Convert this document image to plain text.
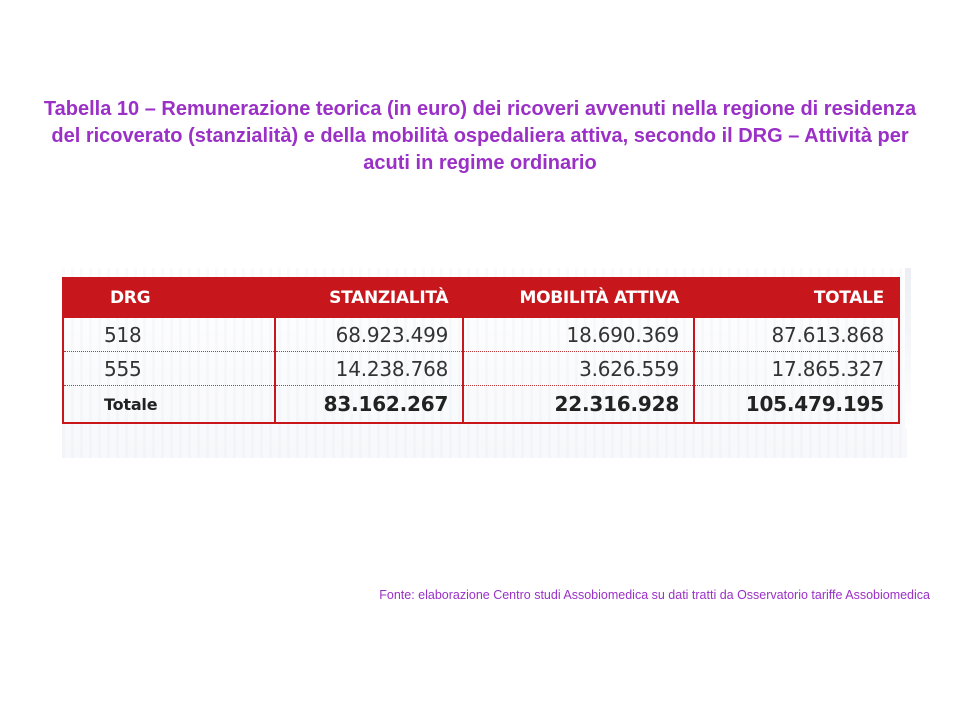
Tabella 10 – Remunerazione teorica (in euro) dei ricoveri avvenuti nella regione di residenza del ricoverato (stanzialità) e della mobilità ospedaliera attiva, secondo il DRG – Attività per acuti in regime ordinario
DRG	STANZIALITÀ	MOBILITÀ ATTIVA	TOTALE
518	68.923.499	18.690.369	87.613.868
555	14.238.768	3.626.559	17.865.327
Totale	83.162.267	22.316.928	105.479.195

Fonte: elaborazione Centro studi Assobiomedica su dati tratti da Osservatorio tariffe Assobiomedica
